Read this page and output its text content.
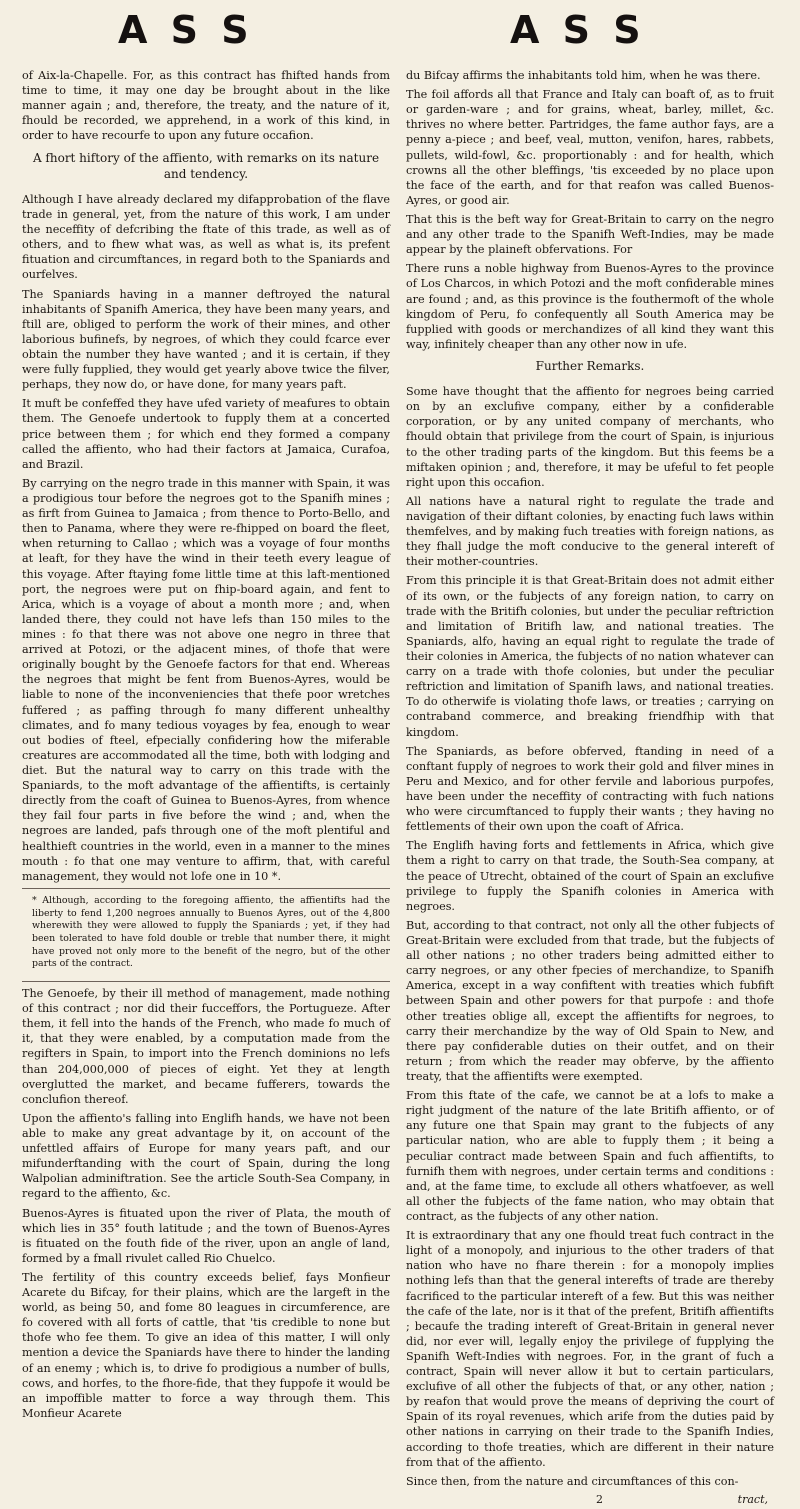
A S S	A S S

of Aix-la-Chapelle. For, as this contract has fhifted hands from time to time, it may one day be brought about in the like manner again ; and, therefore, the treaty, and the nature of it, fhould be recorded, we apprehend, in a work of this kind, in order to have recourfe to upon any future occafion.

A fhort hiftory of the affiento, with remarks on its nature and tendency.

Although I have already declared my difapprobation of the flave trade in general, yet, from the nature of this work, I am under the neceffity of defcribing the ftate of this trade, as well as of others, and to fhew what was, as well as what is, its prefent fituation and circumftances, in regard both to the Spaniards and ourfelves.

The Spaniards having in a manner deftroyed the natural inhabitants of Spanifh America, they have been many years, and ftill are, obliged to perform the work of their mines, and other laborious bufinefs, by negroes, of which they could fcarce ever obtain the number they have wanted ; and it is certain, if they were fully fupplied, they would get yearly above twice the filver, perhaps, they now do, or have done, for many years paft.

It muft be confeffed they have ufed variety of meafures to obtain them. The Genoefe undertook to fupply them at a concerted price between them ; for which end they formed a company called the affiento, who had their factors at Jamaica, Curafoa, and Brazil.

By carrying on the negro trade in this manner with Spain, it was a prodigious tour before the negroes got to the Spanifh mines ; as firft from Guinea to Jamaica ; from thence to Porto-Bello, and then to Panama, where they were re-fhipped on board the fleet, when returning to Callao ; which was a voyage of four months at leaft, for they have the wind in their teeth every league of this voyage. After ftaying fome little time at this laft-mentioned port, the negroes were put on fhip-board again, and fent to Arica, which is a voyage of about a month more ; and, when landed there, they could not have lefs than 150 miles to the mines : fo that there was not above one negro in three that arrived at Potozi, or the adjacent mines, of thofe that were originally bought by the Genoefe factors for that end. Whereas the negroes that might be fent from Buenos-Ayres, would be liable to none of the inconveniencies that thefe poor wretches fuffered ; as paffing through fo many different unhealthy climates, and fo many tedious voyages by fea, enough to wear out bodies of fteel, efpecially confidering how the miferable creatures are accommodated all the time, both with lodging and diet. But the natural way to carry on this trade with the Spaniards, to the moft advantage of the affientifts, is certainly directly from the coaft of Guinea to Buenos-Ayres, from whence they fail four parts in five before the wind ; and, when the negroes are landed, pafs through one of the moft plentiful and healthieft countries in the world, even in a manner to the mines mouth : fo that one may venture to affirm, that, with careful management, they would not lofe one in 10 *.

* Although, according to the foregoing affiento, the affientifts had the liberty to fend 1,200 negroes annually to Buenos Ayres, out of the 4,800 wherewith they were allowed to fupply the Spaniards ; yet, if they had been tolerated to have fold double or treble that number there, it might have proved not only more to the benefit of the negro, but of the other parts of the contract.

The Genoefe, by their ill method of management, made nothing of this contract ; nor did their fucceffors, the Portugueze. After them, it fell into the hands of the French, who made fo much of it, that they were enabled, by a computation made from the regifters in Spain, to import into the French dominions no lefs than 204,000,000 of pieces of eight. Yet they at length overglutted the market, and became fufferers, towards the conclufion thereof.

Upon the affiento's falling into Englifh hands, we have not been able to make any great advantage by it, on account of the unfettled affairs of Europe for many years paft, and our mifunderftanding with the court of Spain, during the long Walpolian adminiftration. See the article South-Sea Company, in regard to the affiento, &c.

Buenos-Ayres is fituated upon the river of Plata, the mouth of which lies in 35° fouth latitude ; and the town of Buenos-Ayres is fituated on the fouth fide of the river, upon an angle of land, formed by a fmall rivulet called Rio Chuelco.

The fertility of this country exceeds belief, fays Monfieur Acarete du Bifcay, for their plains, which are the largeft in the world, as being 50, and fome 80 leagues in circumference, are fo covered with all forts of cattle, that 'tis credible to none but thofe who fee them. To give an idea of this matter, I will only mention a device the Spaniards have there to hinder the landing of an enemy ; which is, to drive fo prodigious a number of bulls, cows, and horfes, to the fhore-fide, that they fuppofe it would be an impoffible matter to force a way through them. This Monfieur Acarete

du Bifcay affirms the inhabitants told him, when he was there.

The foil affords all that France and Italy can boaft of, as to fruit or garden-ware ; and for grains, wheat, barley, millet, &c. thrives no where better. Partridges, the fame author fays, are a penny a-piece ; and beef, veal, mutton, venifon, hares, rabbets, pullets, wild-fowl, &c. proportionably : and for health, which crowns all the other bleffings, 'tis exceeded by no place upon the face of the earth, and for that reafon was called Buenos-Ayres, or good air.

That this is the beft way for Great-Britain to carry on the negro and any other trade to the Spanifh Weft-Indies, may be made appear by the plaineft obfervations. For

There runs a noble highway from Buenos-Ayres to the province of Los Charcos, in which Potozi and the moft confiderable mines are found ; and, as this province is the fouthermoft of the whole kingdom of Peru, fo confequently all South America may be fupplied with goods or merchandizes of all kind they want this way, infinitely cheaper than any other now in ufe.

Further Remarks.

Some have thought that the affiento for negroes being carried on by an exclufive company, either by a confiderable corporation, or by any united company of merchants, who fhould obtain that privilege from the court of Spain, is injurious to the other trading parts of the kingdom. But this feems be a miftaken opinion ; and, therefore, it may be ufeful to fet people right upon this occafion.

All nations have a natural right to regulate the trade and navigation of their diftant colonies, by enacting fuch laws within themfelves, and by making fuch treaties with foreign nations, as they fhall judge the moft conducive to the general intereft of their mother-countries.

From this principle it is that Great-Britain does not admit either of its own, or the fubjects of any foreign nation, to carry on trade with the Britifh colonies, but under the peculiar reftriction and limitation of Britifh law, and national treaties. The Spaniards, alfo, having an equal right to regulate the trade of their colonies in America, the fubjects of no nation whatever can carry on a trade with thofe colonies, but under the peculiar reftriction and limitation of Spanifh laws, and national treaties. To do otherwife is violating thofe laws, or treaties ; carrying on contraband commerce, and breaking friendfhip with that kingdom.

The Spaniards, as before obferved, ftanding in need of a conftant fupply of negroes to work their gold and filver mines in Peru and Mexico, and for other fervile and laborious purpofes, have been under the neceffity of contracting with fuch nations who were circumftanced to fupply their wants ; they having no fettlements of their own upon the coaft of Africa.

The Englifh having forts and fettlements in Africa, which give them a right to carry on that trade, the South-Sea company, at the peace of Utrecht, obtained of the court of Spain an exclufive privilege to fupply the Spanifh colonies in America with negroes.

But, according to that contract, not only all the other fubjects of Great-Britain were excluded from that trade, but the fubjects of all other nations ; no other traders being admitted either to carry negroes, or any other fpecies of merchandize, to Spanifh America, except in a way confiftent with treaties which fubfift between Spain and other powers for that purpofe : and thofe other treaties oblige all, except the affientifts for negroes, to carry their merchandize by the way of Old Spain to New, and there pay confiderable duties on their outfet, and on their return ; from which the reader may obferve, by the affiento treaty, that the affientifts were exempted.

From this ftate of the cafe, we cannot be at a lofs to make a right judgment of the nature of the late Britifh affiento, or of any future one that Spain may grant to the fubjects of any particular nation, who are able to fupply them ; it being a peculiar contract made between Spain and fuch affientifts, to furnifh them with negroes, under certain terms and conditions : and, at the fame time, to exclude all others whatfoever, as well all other the fubjects of the fame nation, who may obtain that contract, as the fubjects of any other nation.

It is extraordinary that any one fhould treat fuch contract in the light of a monopoly, and injurious to the other traders of that nation who have no fhare therein : for a monopoly implies nothing lefs than that the general interefts of trade are thereby facrificed to the particular intereft of a few. But this was neither the cafe of the late, nor is it that of the prefent, Britifh affientifts ; becaufe the trading intereft of Great-Britain in general never did, nor ever will, legally enjoy the privilege of fupplying the Spanifh Weft-Indies with negroes. For, in the grant of fuch a contract, Spain will never allow it but to certain particulars, exclufive of all other the fubjects of that, or any other, nation ; by reafon that would prove the means of depriving the court of Spain of its royal revenues, which arife from the duties paid by other nations in carrying on their trade to the Spanifh Indies, according to thofe treaties, which are different in their nature from that of the affiento.

Since then, from the nature and circumftances of this con-

2	tract,
